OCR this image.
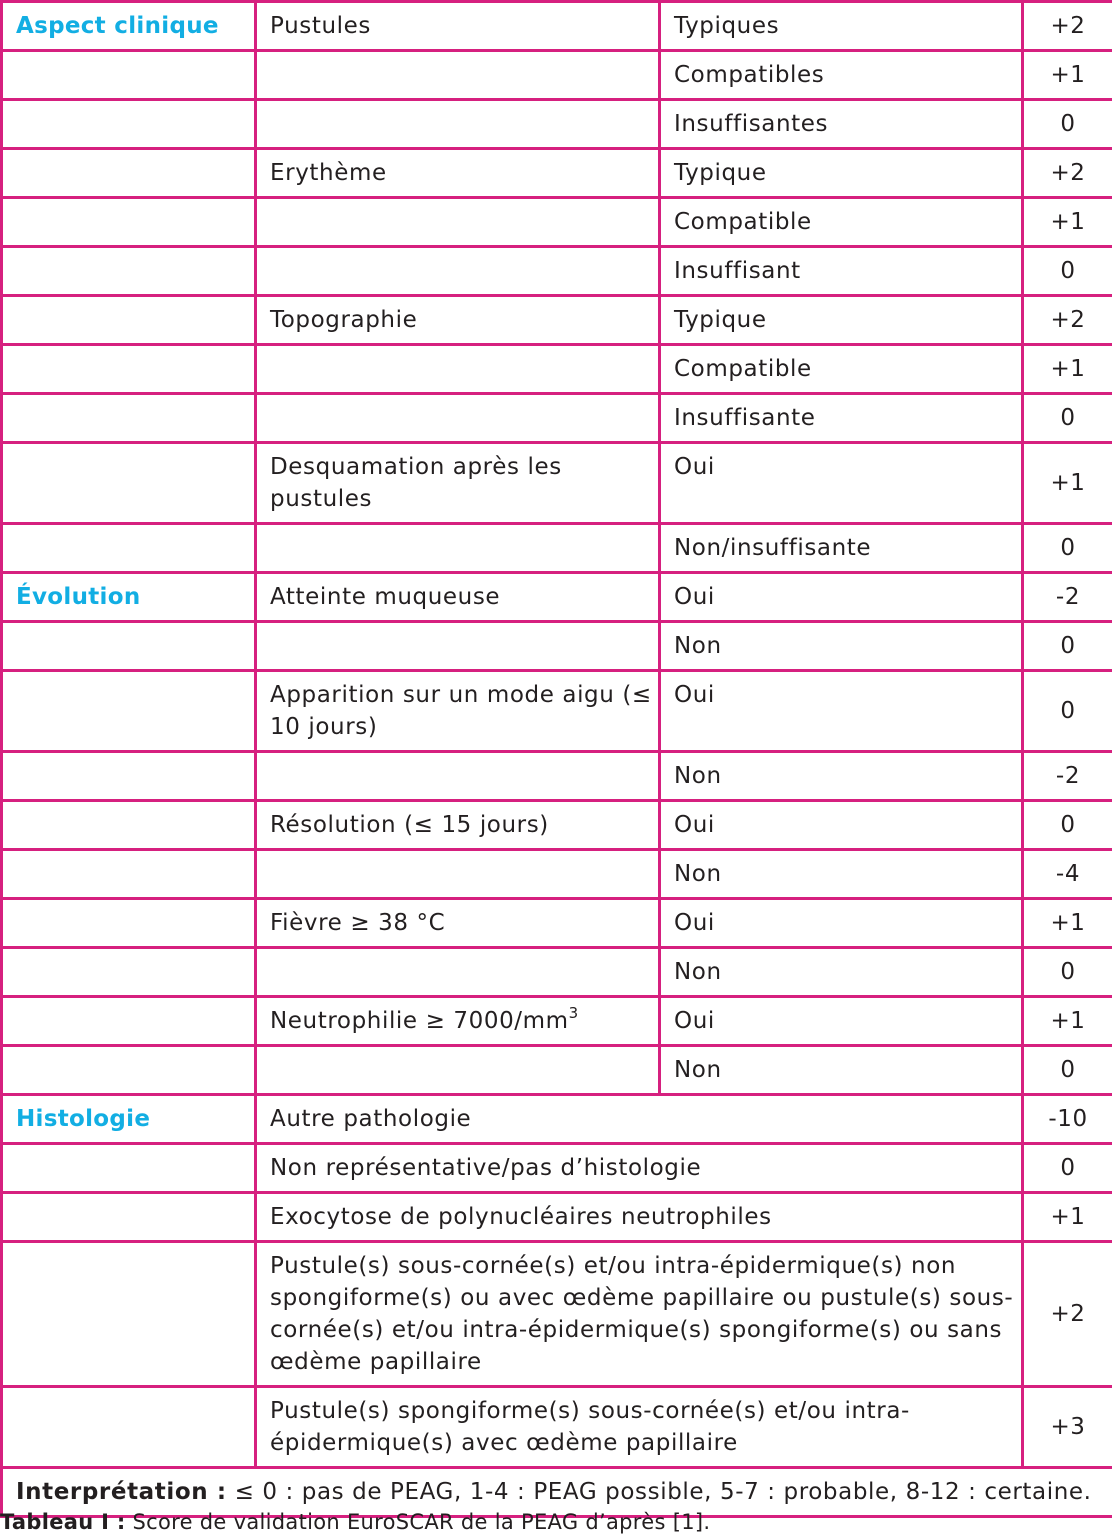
Aspect clinique	Pustules	Typiques	+2
		Compatibles	+1
		Insuffisantes	0
	Erythème	Typique	+2
		Compatible	+1
		Insuffisant	0
	Topographie	Typique	+2
		Compatible	+1
		Insuffisante	0
	Desquamation après les pustules	Oui	+1
		Non/insuffisante	0
Évolution	Atteinte muqueuse	Oui	-2
		Non	0
	Apparition sur un mode aigu (≤ 10 jours)	Oui	0
		Non	-2
	Résolution (≤ 15 jours)	Oui	0
		Non	-4
	Fièvre ≥ 38 °C	Oui	+1
		Non	0
	Neutrophilie ≥ $7000/mm^3$	Oui	+1
		Non	0
Histologie	Autre pathologie		-10
	Non représentative/pas d’histologie		0
	Exocytose de polynucléaires neutrophiles		+1
	Pustule(s) sous-cornée(s) et/ou intra-épidermique(s) non spongiforme(s) ou avec œdème papillaire ou pustule(s) sous-cornée(s) et/ou intra-épidermique(s) spongiforme(s) ou sans œdème papillaire		+2
	Pustule(s) spongiforme(s) sous-cornée(s) et/ou intra-épidermique(s) avec œdème papillaire		+3
Interprétation : ≤ 0 : pas de PEAG, 1-4 : PEAG possible, 5-7 : probable, 8-12 : certaine.			
Tableau I : Score de validation EuroSCAR de la PEAG d’après [1].
